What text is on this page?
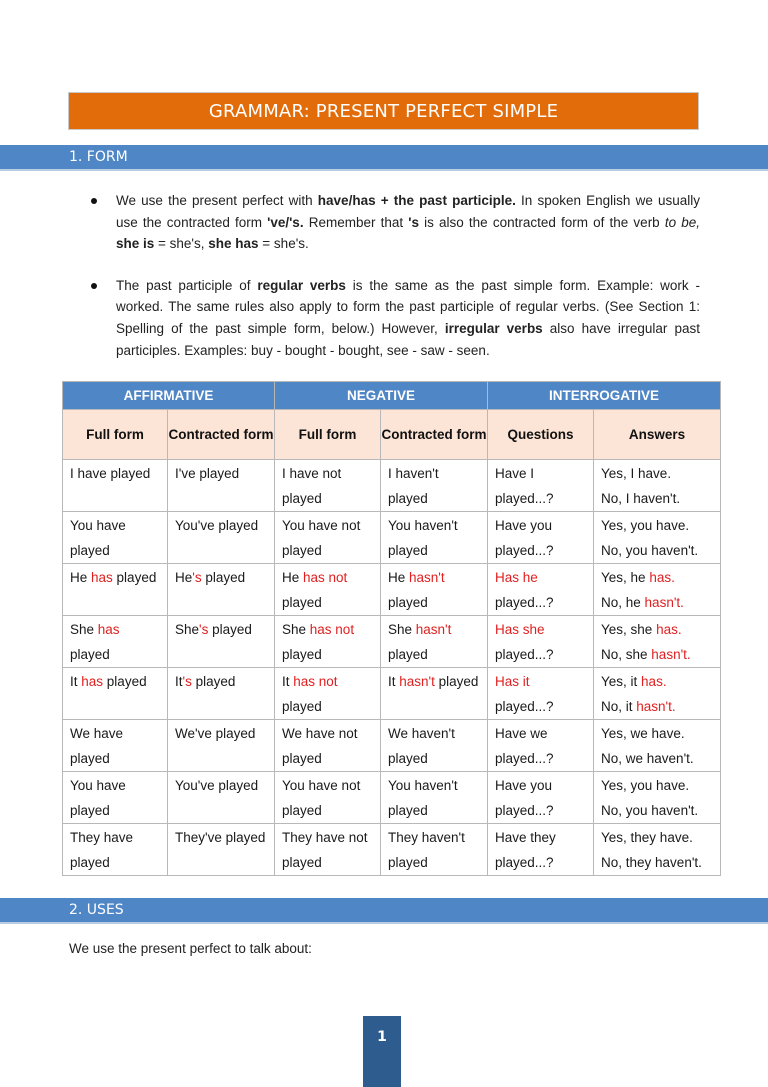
GRAMMAR: PRESENT PERFECT SIMPLE
1. FORM
We use the present perfect with have/has + the past participle. In spoken English we usually use the contracted form 've/'s. Remember that 's is also the contracted form of the verb to be, she is = she's, she has = she's.
The past participle of regular verbs is the same as the past simple form. Example: work - worked. The same rules also apply to form the past participle of regular verbs. (See Section 1: Spelling of the past simple form, below.) However, irregular verbs also have irregular past participles. Examples: buy - bought - bought, see - saw - seen.
AFFIRMATIVE		NEGATIVE		INTERROGATIVE	
Full form	Contracted form	Full form	Contracted form	Questions	Answers
I have played	I've played	I have not played	I haven't played	Have I played...?	Yes, I have.
No, I haven't.
You have played	You've played	You have not played	You haven't played	Have you played...?	Yes, you have.
No, you haven't.
He has played	He's played	He has not played	He hasn't played	Has he played...?	Yes, he has.
No, he hasn't.
She has played	She's played	She has not played	She hasn't played	Has she played...?	Yes, she has.
No, she hasn't.
It has played	It's played	It has not played	It hasn't played	Has it played...?	Yes, it has.
No, it hasn't.
We have played	We've played	We have not played	We haven't played	Have we played...?	Yes, we have.
No, we haven't.
You have played	You've played	You have not played	You haven't played	Have you played...?	Yes, you have.
No, you haven't.
They have played	They've played	They have not played	They haven't played	Have they played...?	Yes, they have.
No, they haven't.
2. USES
We use the present perfect to talk about:
1
